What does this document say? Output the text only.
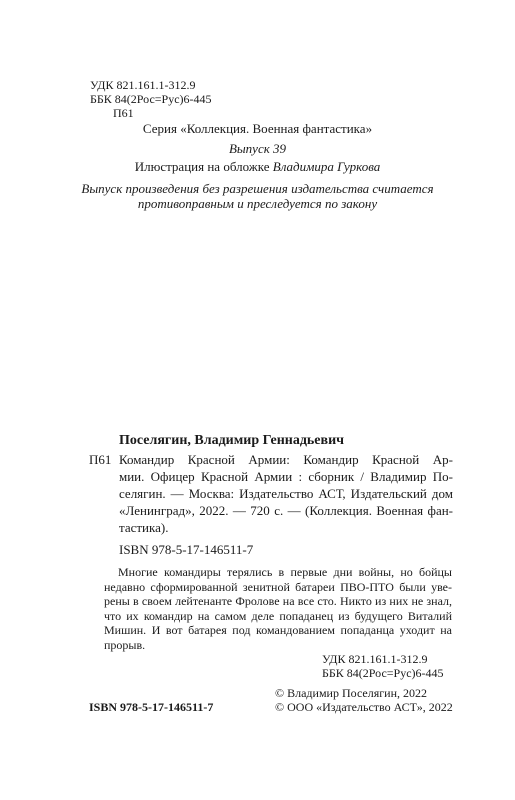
УДК 821.161.1-312.9
ББК 84(2Рос=Рус)6-445
П61
Серия «Коллекция. Военная фантастика»
Выпуск 39
Илюстрация на обложке Владимира Гуркова
Выпуск произведения без разрешения издательства считается
противоправным и преследуется по закону
Поселягин, Владимир Геннадьевич
П61 Командир Красной Армии: Командир Красной Ар-
мии. Офицер Красной Армии : сборник / Владимир По-
селягин. — Москва: Издательство АСТ, Издательский дом
«Ленинград», 2022. — 720 с. — (Коллекция. Военная фан-
тастика).
ISBN 978-5-17-146511-7
Многие командиры терялись в первые дни войны, но бойцы
недавно сформированной зенитной батареи ПВО-ПТО были уве-
рены в своем лейтенанте Фролове на все сто. Никто из них не знал,
что их командир на самом деле попаданец из будущего Виталий
Мишин. И вот батарея под командованием попаданца уходит на
прорыв.
УДК 821.161.1-312.9
ББК 84(2Рос=Рус)6-445
© Владимир Поселягин, 2022
ISBN 978-5-17-146511-7	© ООО «Издательство АСТ», 2022
